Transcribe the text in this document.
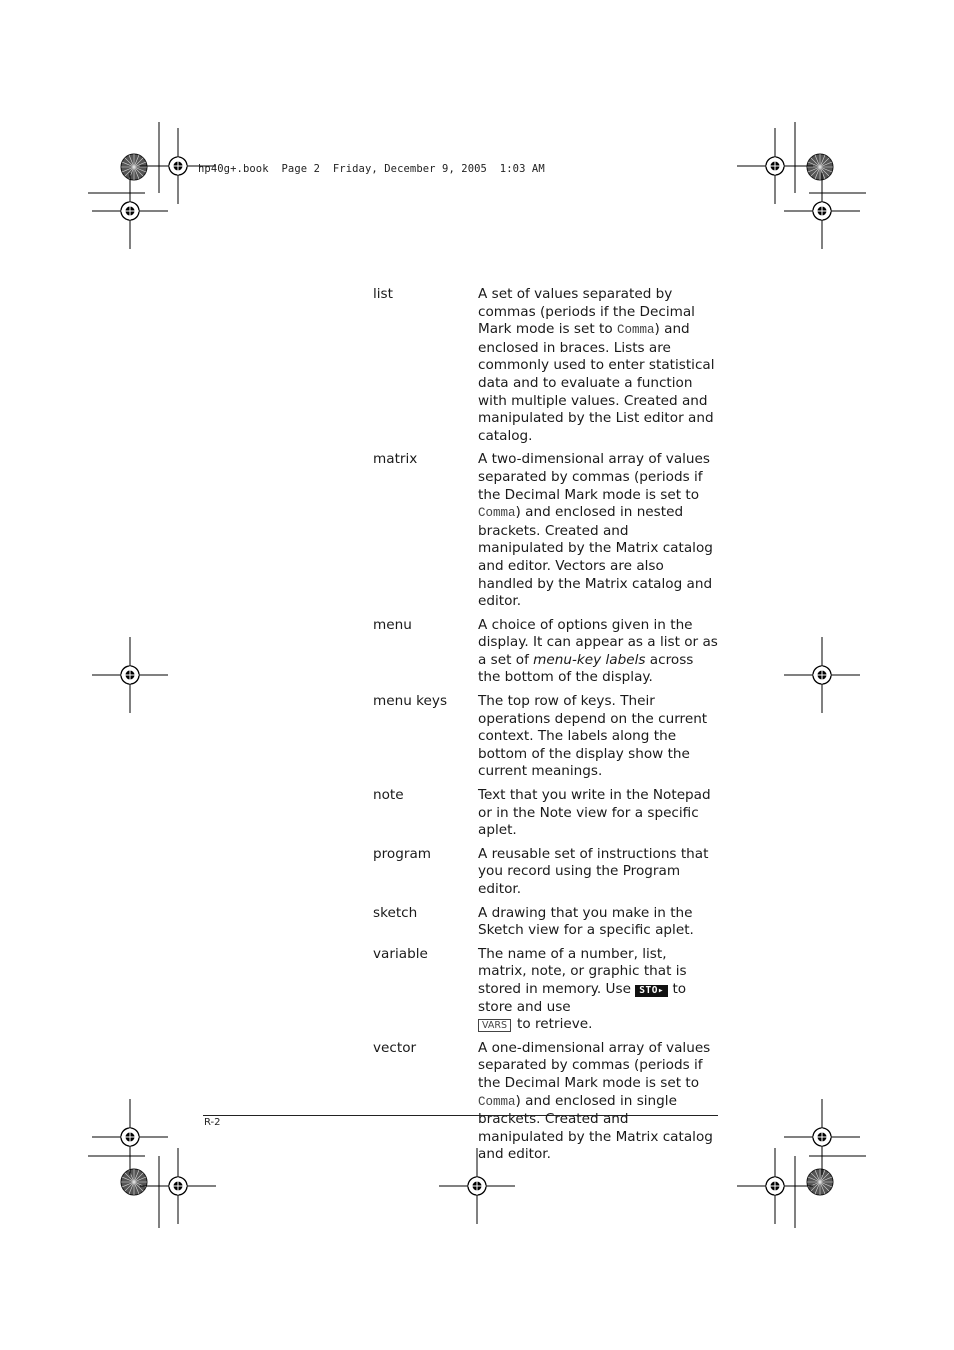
hp40g+.book  Page 2  Friday, December 9, 2005  1:03 AM
list	A set of values separated by commas (periods if the Decimal Mark mode is set to Comma) and enclosed in braces. Lists are commonly used to enter statistical data and to evaluate a function with multiple values. Created and manipulated by the List editor and catalog.
matrix	A two-dimensional array of values separated by commas (periods if the Decimal Mark mode is set to Comma) and enclosed in nested brackets. Created and manipulated by the Matrix catalog and editor. Vectors are also handled by the Matrix catalog and editor.
menu	A choice of options given in the display. It can appear as a list or as a set of menu-key labels across the bottom of the display.
menu keys	The top row of keys. Their operations depend on the current context. The labels along the bottom of the display show the current meanings.
note	Text that you write in the Notepad or in the Note view for a specific aplet.
program	A reusable set of instructions that you record using the Program editor.
sketch	A drawing that you make in the Sketch view for a specific aplet.
variable	The name of a number, list, matrix, note, or graphic that is stored in memory. Use STO▸ to store and use
VARS to retrieve.
vector	A one-dimensional array of values separated by commas (periods if the Decimal Mark mode is set to Comma) and enclosed in single brackets. Created and manipulated by the Matrix catalog and editor.
R-2
